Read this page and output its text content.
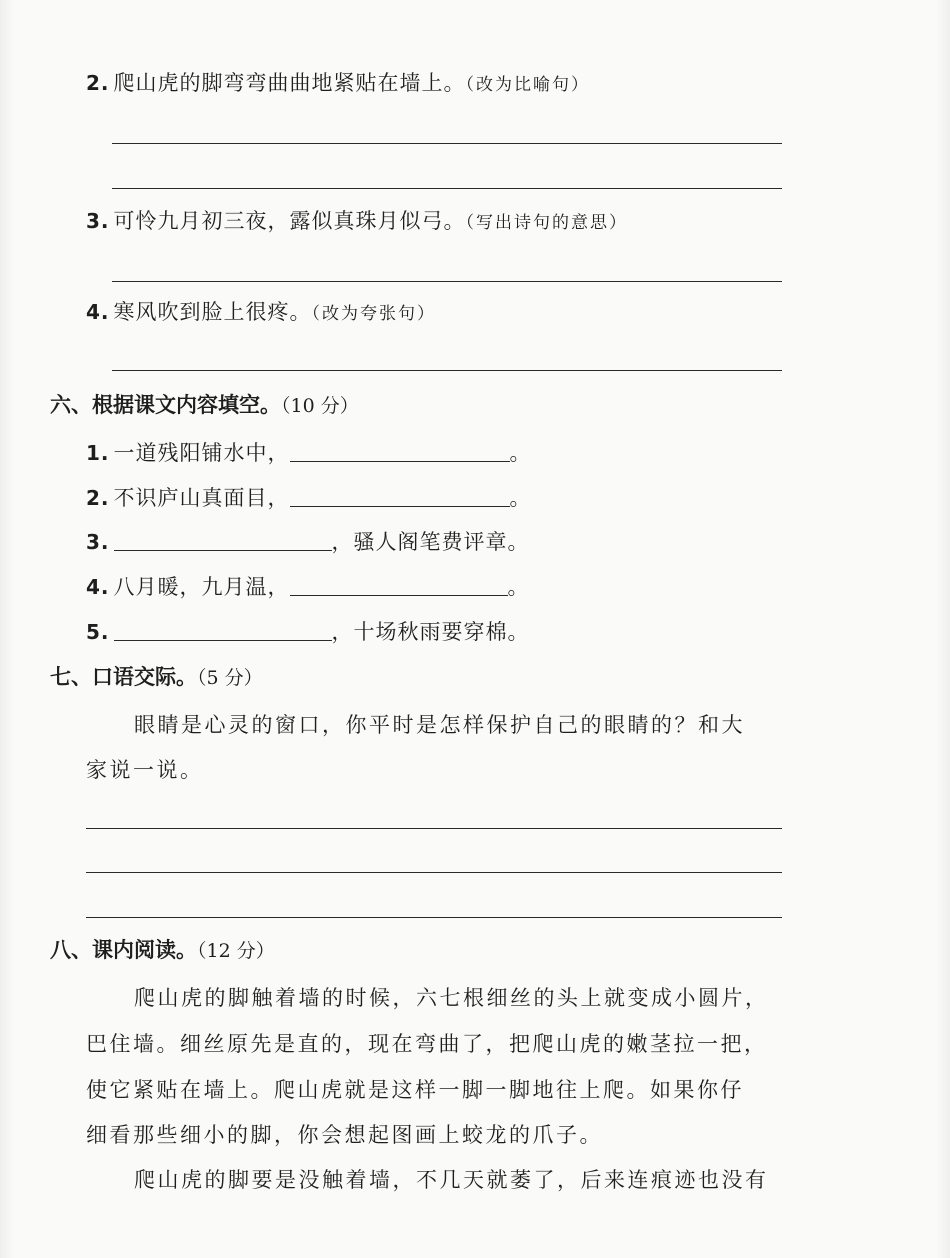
2. 爬山虎的脚弯弯曲曲地紧贴在墙上。（改为比喻句）
3. 可怜九月初三夜，露似真珠月似弓。（写出诗句的意思）
4. 寒风吹到脸上很疼。（改为夸张句）
六、根据课文内容填空。（10 分）
1. 一道残阳铺水中，	。
2. 不识庐山真面目，	。
3.	，骚人阁笔费评章。
4. 八月暖，九月温，	。
5.	，十场秋雨要穿棉。
七、口语交际。（5 分）
眼睛是心灵的窗口，你平时是怎样保护自己的眼睛的？和大
家说一说。
八、课内阅读。（12 分）
爬山虎的脚触着墙的时候，六七根细丝的头上就变成小圆片，
巴住墙。细丝原先是直的，现在弯曲了，把爬山虎的嫩茎拉一把，
使它紧贴在墙上。爬山虎就是这样一脚一脚地往上爬。如果你仔
细看那些细小的脚，你会想起图画上蛟龙的爪子。
爬山虎的脚要是没触着墙，不几天就萎了，后来连痕迹也没有
